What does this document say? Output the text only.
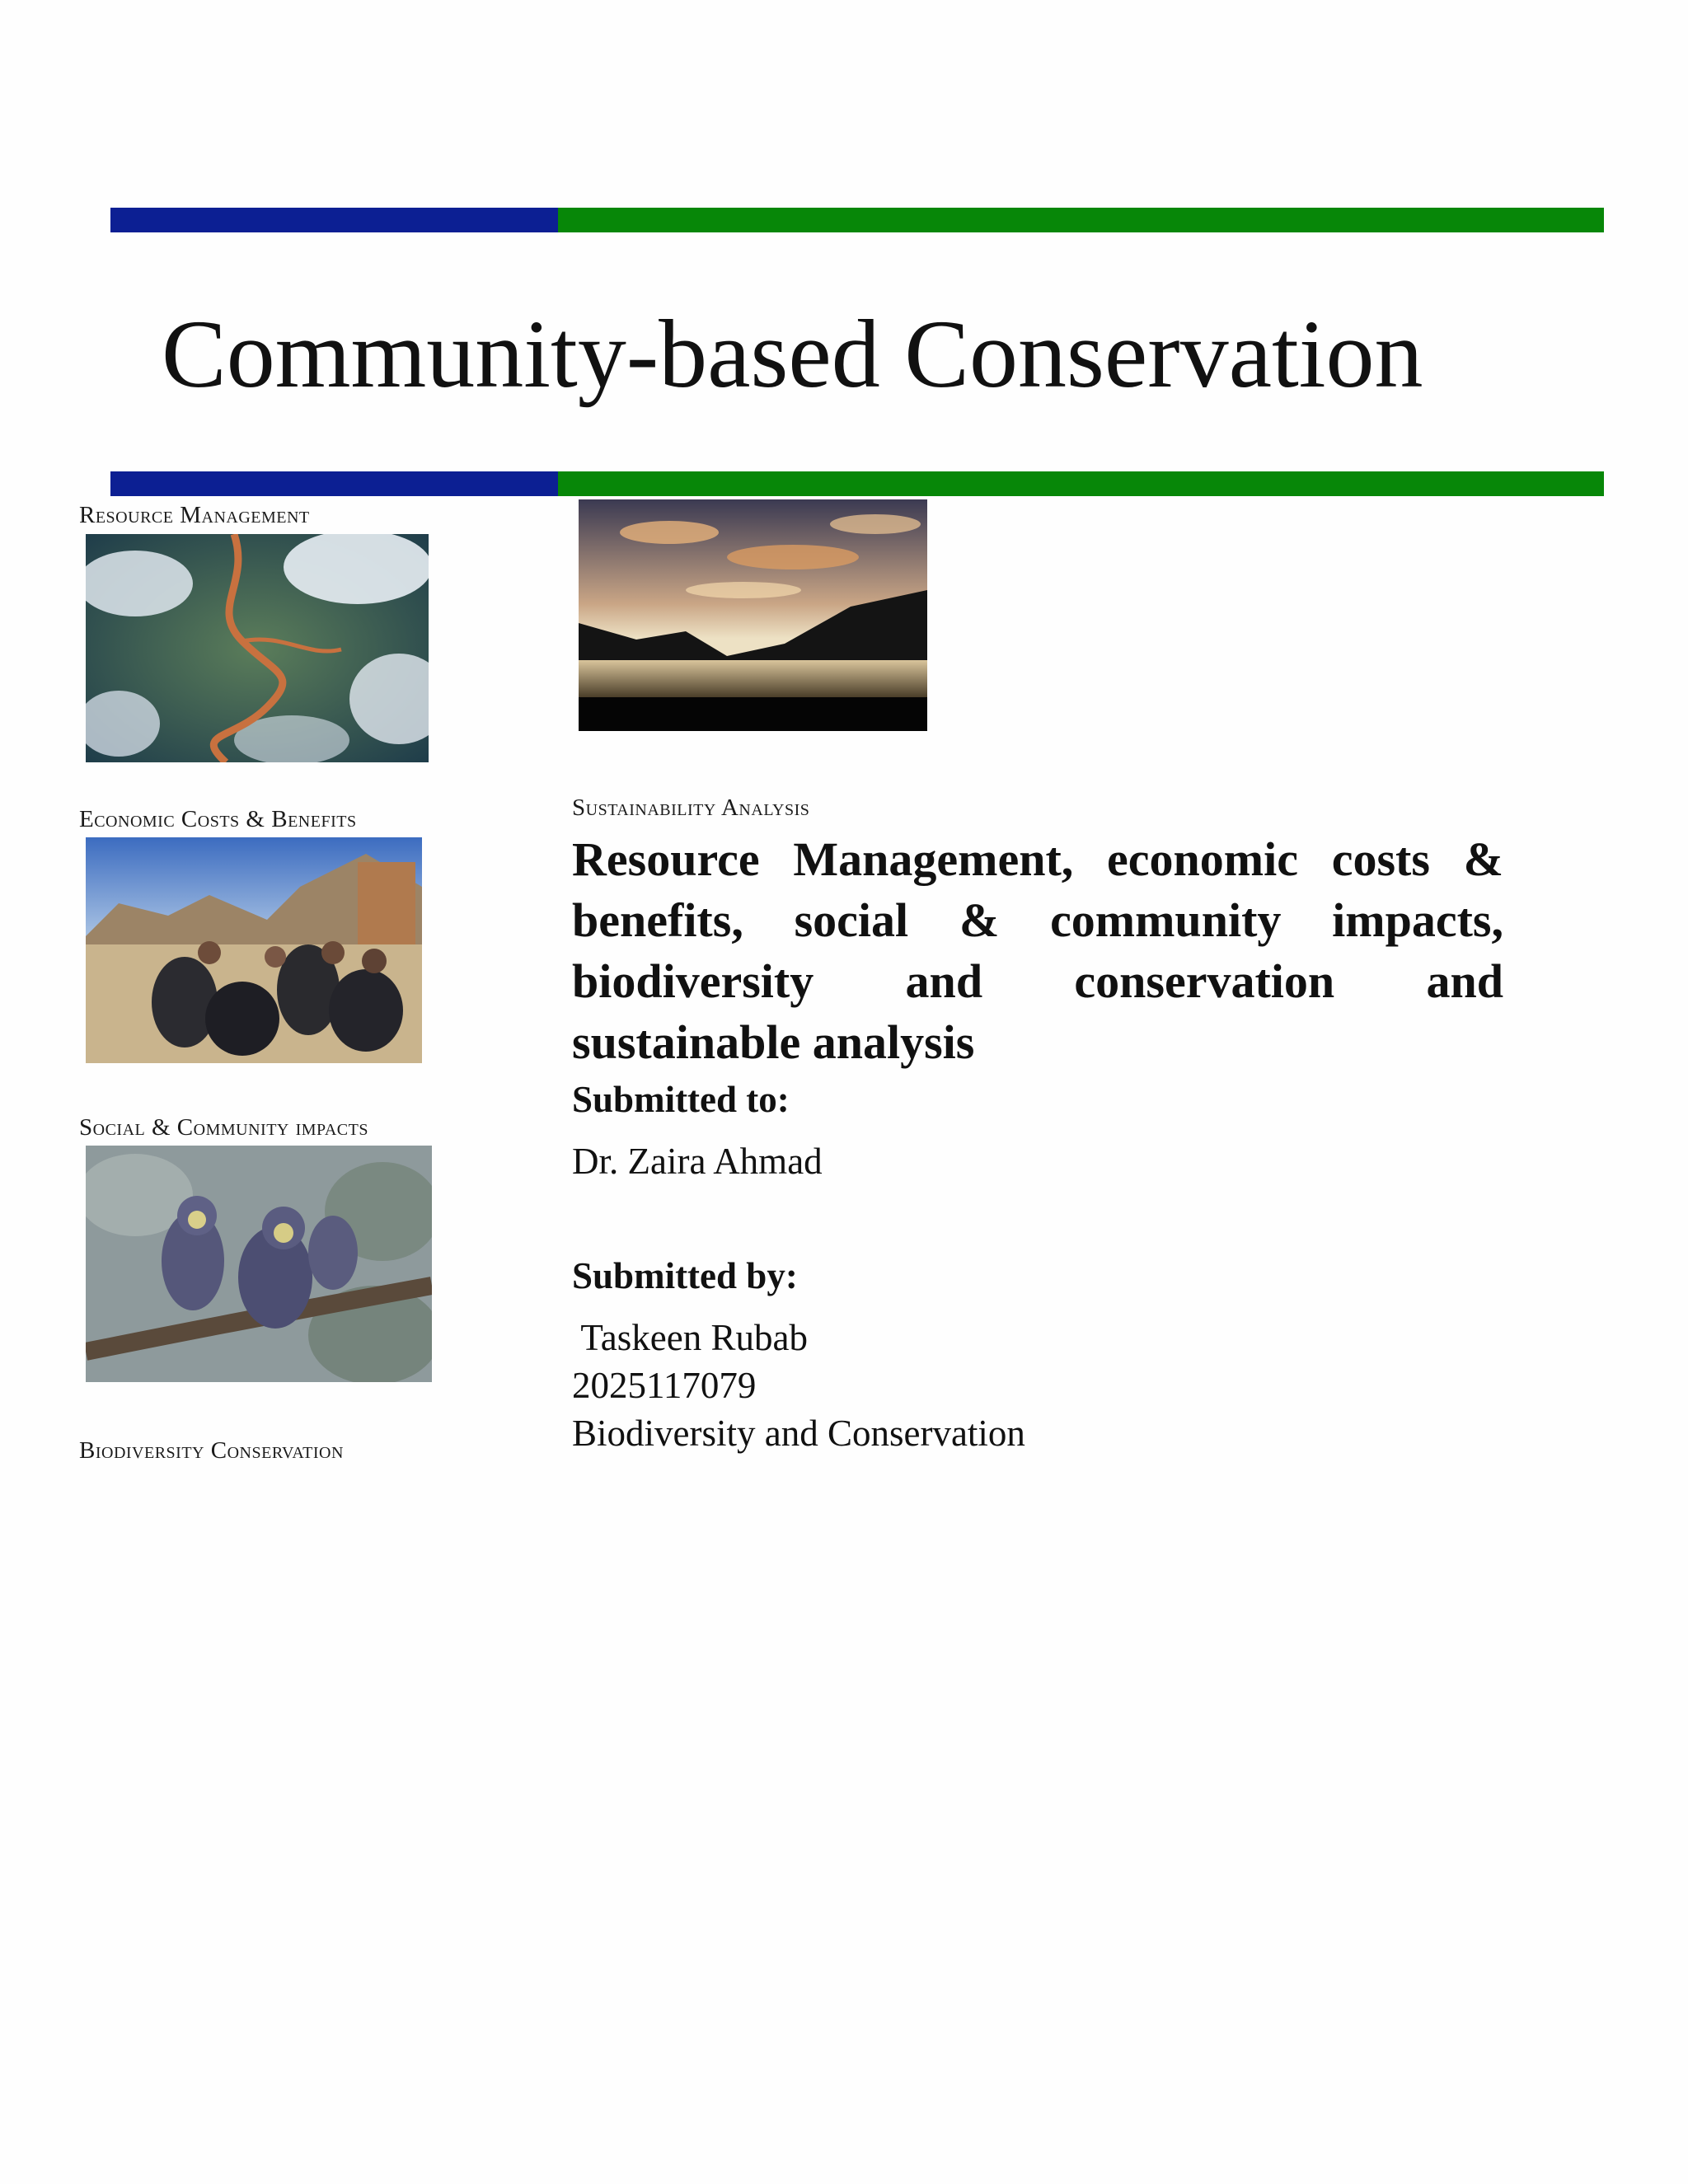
Community-based Conservation
Resource Management
Economic Costs & Benefits
Social & Community impacts
Biodiversity Conservation
Sustainability Analysis

Resource Management, economic costs & benefits, social & community impacts, biodiversity and conservation and sustainable analysis

Submitted to:

Dr. Zaira Ahmad

Submitted by:

Taskeen Rubab

2025117079

Biodiversity and Conservation
